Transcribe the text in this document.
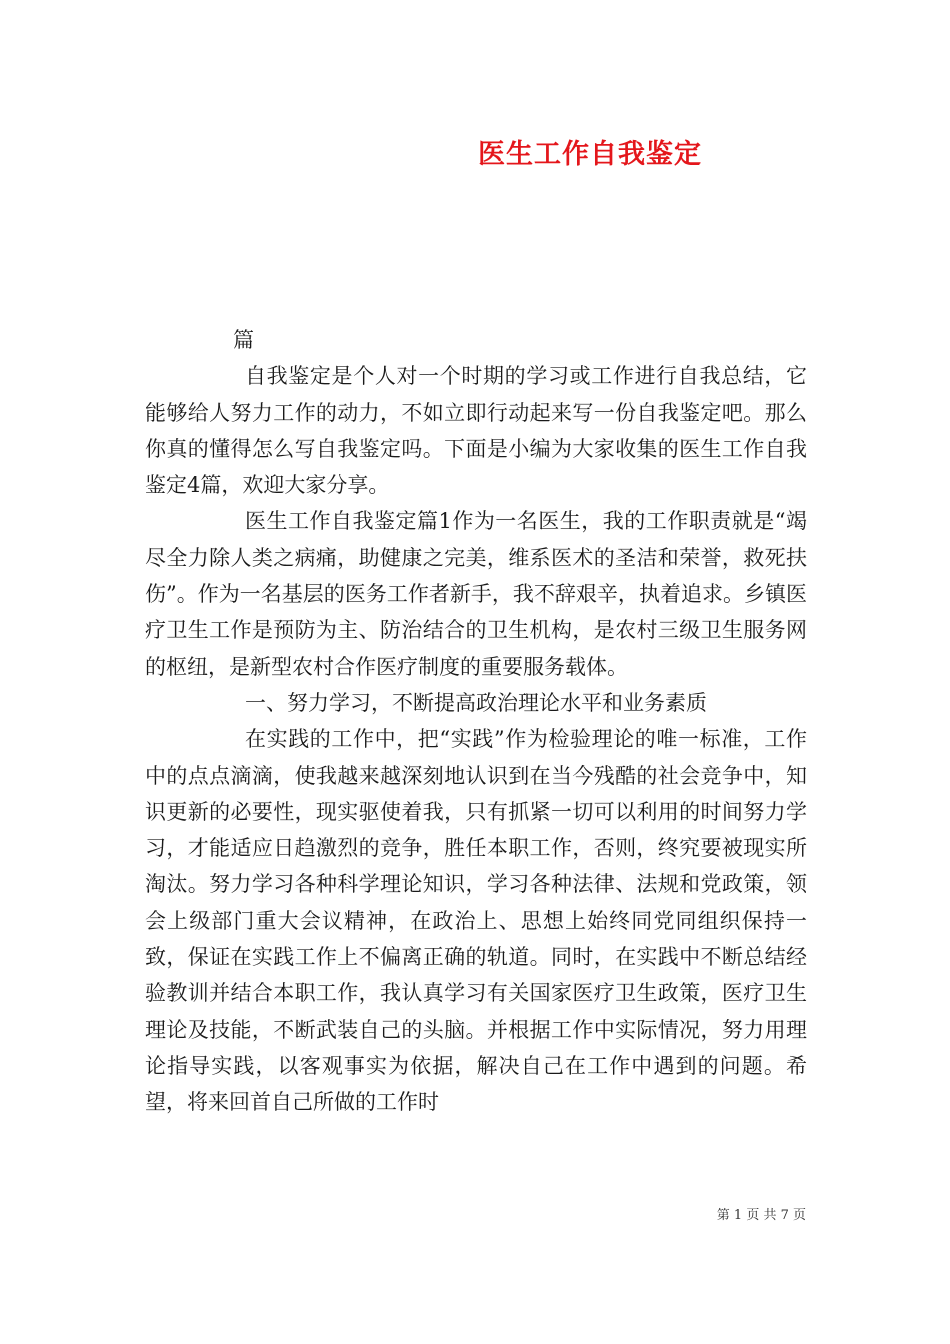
医生工作自我鉴定

篇

自我鉴定是个人对一个时期的学习或工作进行自我总结，它能够给人努力工作的动力，不如立即行动起来写一份自我鉴定吧。那么你真的懂得怎么写自我鉴定吗。下面是小编为大家收集的医生工作自我鉴定4篇，欢迎大家分享。

医生工作自我鉴定篇1作为一名医生，我的工作职责就是“竭尽全力除人类之病痛，助健康之完美，维系医术的圣洁和荣誉，救死扶伤”。作为一名基层的医务工作者新手，我不辞艰辛，执着追求。乡镇医疗卫生工作是预防为主、防治结合的卫生机构，是农村三级卫生服务网的枢纽，是新型农村合作医疗制度的重要服务载体。

一、努力学习，不断提高政治理论水平和业务素质

在实践的工作中，把“实践”作为检验理论的唯一标准，工作中的点点滴滴，使我越来越深刻地认识到在当今残酷的社会竞争中，知识更新的必要性，现实驱使着我，只有抓紧一切可以利用的时间努力学习，才能适应日趋激烈的竞争，胜任本职工作，否则，终究要被现实所淘汰。努力学习各种科学理论知识，学习各种法律、法规和党政策，领会上级部门重大会议精神，在政治上、思想上始终同党同组织保持一致，保证在实践工作上不偏离正确的轨道。同时，在实践中不断总结经验教训并结合本职工作，我认真学习有关国家医疗卫生政策，医疗卫生理论及技能，不断武装自己的头脑。并根据工作中实际情况，努力用理论指导实践，以客观事实为依据，解决自己在工作中遇到的问题。希望，将来回首自己所做的工作时

第 1 页 共 7 页
